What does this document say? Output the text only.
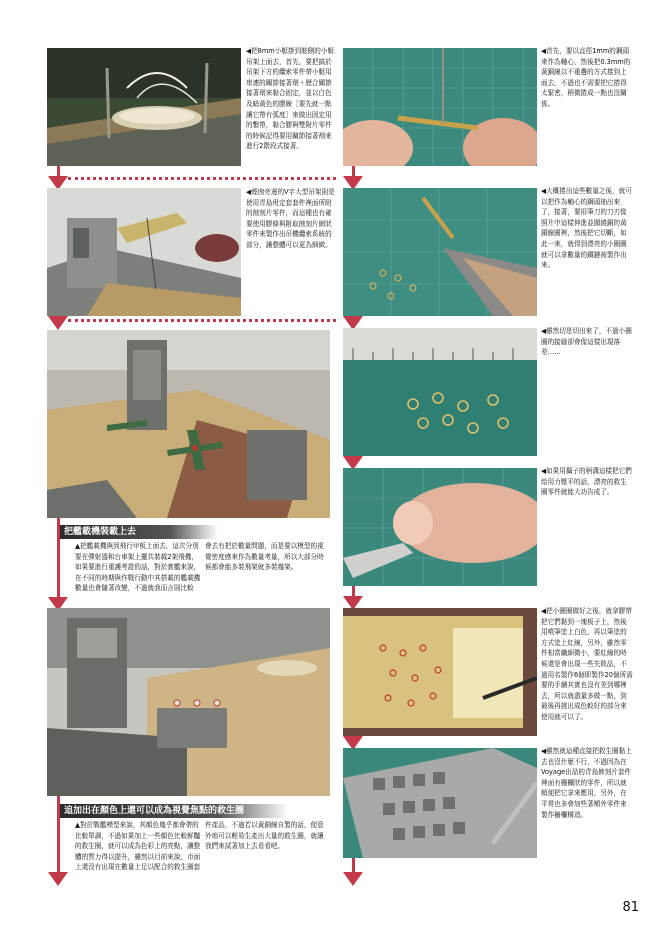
◀把8mm小艇掛到舷側的小艇吊架上面去，首先，要把搞於吊架下方的纜索零件帶小艇用串連的關節接著劑＋歷合關節接著劑來黏合固定，並以白色及暗黃色的膠線［要先就一點讓它帶有弧度］來做出固定用的繫帶，黏合膠與雙附片零件的時候記得要用關節接著劑來進行2階段式接著。
◀煙囪旁邊的V字大型吊架則是使用青島甩定套套件裡面所附的蝕刻片零件，而這種也有確要使用膠條與附取蝕刻片網狀零件來製作出吊機纜索系統的部分，讓整體可以更為細緻。
把艦載機裝載上去
▲把艦載機與到飛行甲板上面去，這次分別要在彈射器和台車架上擺共裝載2架飛機，如果要進行重護考證的話，對於實艦來說，在不同的時期與作戰行動中其搭載的艦載機數量也會隨著改變，不過就我而言則比較
會去有把於數量問題，而是要以模型的視覺密度感來作為數量考量，所以大部分時候都會能多裝飛架就多裝幾架。
追加出在顏色上還可以成為視覺焦點的救生圈
▲對於戰艦模型來說，其顏色幾乎都會帶的比較單調，不過如果加上一些顏色比較鮮豔的救生圈，就可以成為色彩上的亮點，讓整體的質力得以提升，雖然以目前來說，市面上還沒有出現在數量上足以配合的救生圈套
件產品，不過若以黃銅線自製的話，便意外地可以輕易生產出大量的救生圈，就讓我們來試著加上去看看吧。
◀首先，要以直徑1mm的鋼頭來作為軸心，然後把0.3mm的黃銅線以不重疊的方式捲到上面去，不過也不需要把它捲得太緊密，稍微捲成一點也沒關係。
◀大概捲出這些數量之後，就可以把作為軸心的鋼頭抽出來了，接著，要用筆刀的刀刃像照片中這樣伸進並圍繞銅的黃銅線圈裡，然後把它切斷，如此一來，就得到漂亮的小圈圈就可以拿數量的鐵鏈被製作出來。
◀雖然切是切出來了，不過小圈圈的接縫卻會像這樣出現落差……
◀如果用攝子的柄溝這樣把它們給用力壓平的話，漂亮的救生圈零件就能大功告成了。
◀把小圈圈做好之後，就拿膠帶把它們黏到一塊板子上，然後用噴筆塗上白色，再以筆塗的方式塗上紅線，另外，雖然零件相當纖細微小，要紅線的時候還是會出現一些失敗品，不過用名製作6個即製作20個所需要的手續其實也沒有差到哪裡去，所以就盡量多做一點，到最後再挑出成色較好的部分來使用就可以了。
◀雖然就這種直接把救生圈黏上去也沒什麼不行，不過因為在Voyage出品的青島蝕刻片套件裡面有栅欄狀的零件，所以就順便把它拿來應用，另外，在平常也多會加些著額外零件來製作柵欄構造。
81
